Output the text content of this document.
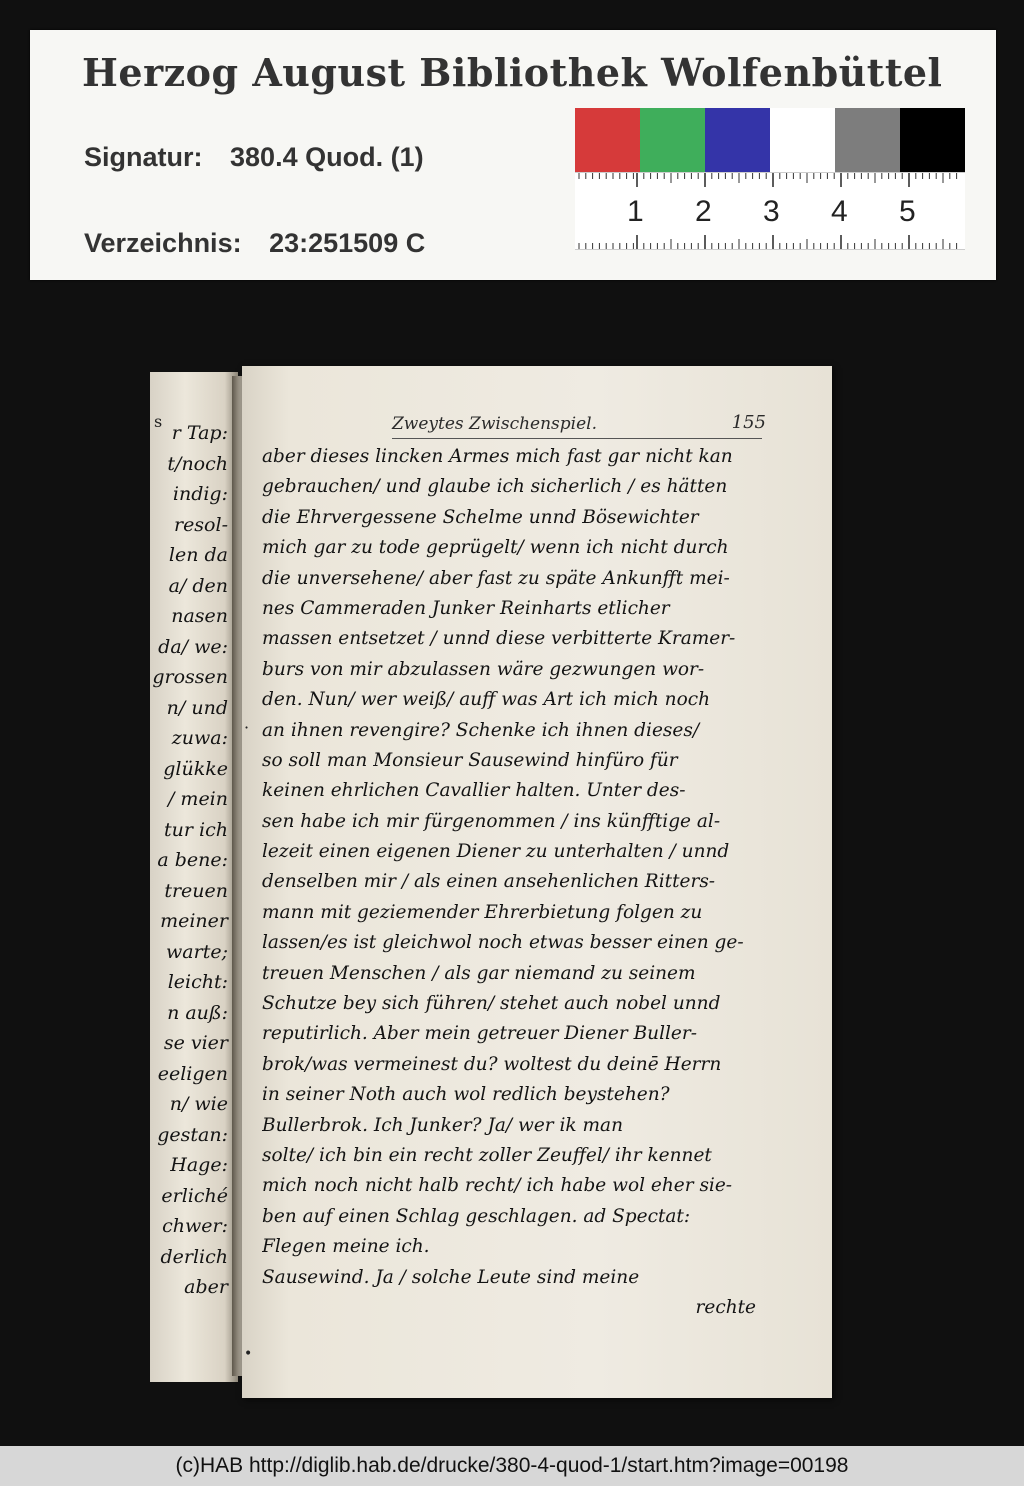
Herzog August Bibliothek Wolfenbüttel
Signatur: 380.4 Quod. (1)
Verzeichnis: 23:251509 C
1 2 3 4 5
s
r Tap:
t/noch
indig:
resol-
len da
a/ den
nasen
da/ we:
grossen
n/ und
zuwa:
glükke
/ mein
tur ich
a bene:
treuen
meiner
warte;
leicht:
n auß:
se vier
eeligen
n/ wie
gestan:
Hage:
erliché
chwer:
derlich
aber
Zweytes Zwischenspiel.	155
·
aber dieses lincken Armes mich fast gar nicht kan
gebrauchen/ und glaube ich sicherlich / es hätten
die Ehrvergessene Schelme unnd Bösewichter
mich gar zu tode geprügelt/ wenn ich nicht durch
die unversehene/ aber fast zu späte Ankunfft mei-
nes Cammeraden Junker Reinharts etlicher
massen entsetzet / unnd diese verbitterte Kramer-
burs von mir abzulassen wäre gezwungen wor-
den. Nun/ wer weiß/ auff was Art ich mich noch
an ihnen revengire? Schenke ich ihnen dieses/
so soll man Monsieur Sausewind hinfüro für
keinen ehrlichen Cavallier halten. Unter des-
sen habe ich mir fürgenommen / ins künfftige al-
lezeit einen eigenen Diener zu unterhalten / unnd
denselben mir / als einen ansehenlichen Ritters-
mann mit geziemender Ehrerbietung folgen zu
lassen/es ist gleichwol noch etwas besser einen ge-
treuen Menschen / als gar niemand zu seinem
Schutze bey sich führen/ stehet auch nobel unnd
reputirlich. Aber mein getreuer Diener Buller-
brok/was vermeinest du? woltest du deinē Herrn
in seiner Noth auch wol redlich beystehen?
Bullerbrok. Ich Junker? Ja/ wer ik man
solte/ ich bin ein recht zoller Zeuffel/ ihr kennet
mich noch nicht halb recht/ ich habe wol eher sie-
ben auf einen Schlag geschlagen. ad Spectat:
Flegen meine ich.
Sausewind. Ja / solche Leute sind meine
rechte
•
(c)HAB http://diglib.hab.de/drucke/380-4-quod-1/start.htm?image=00198
